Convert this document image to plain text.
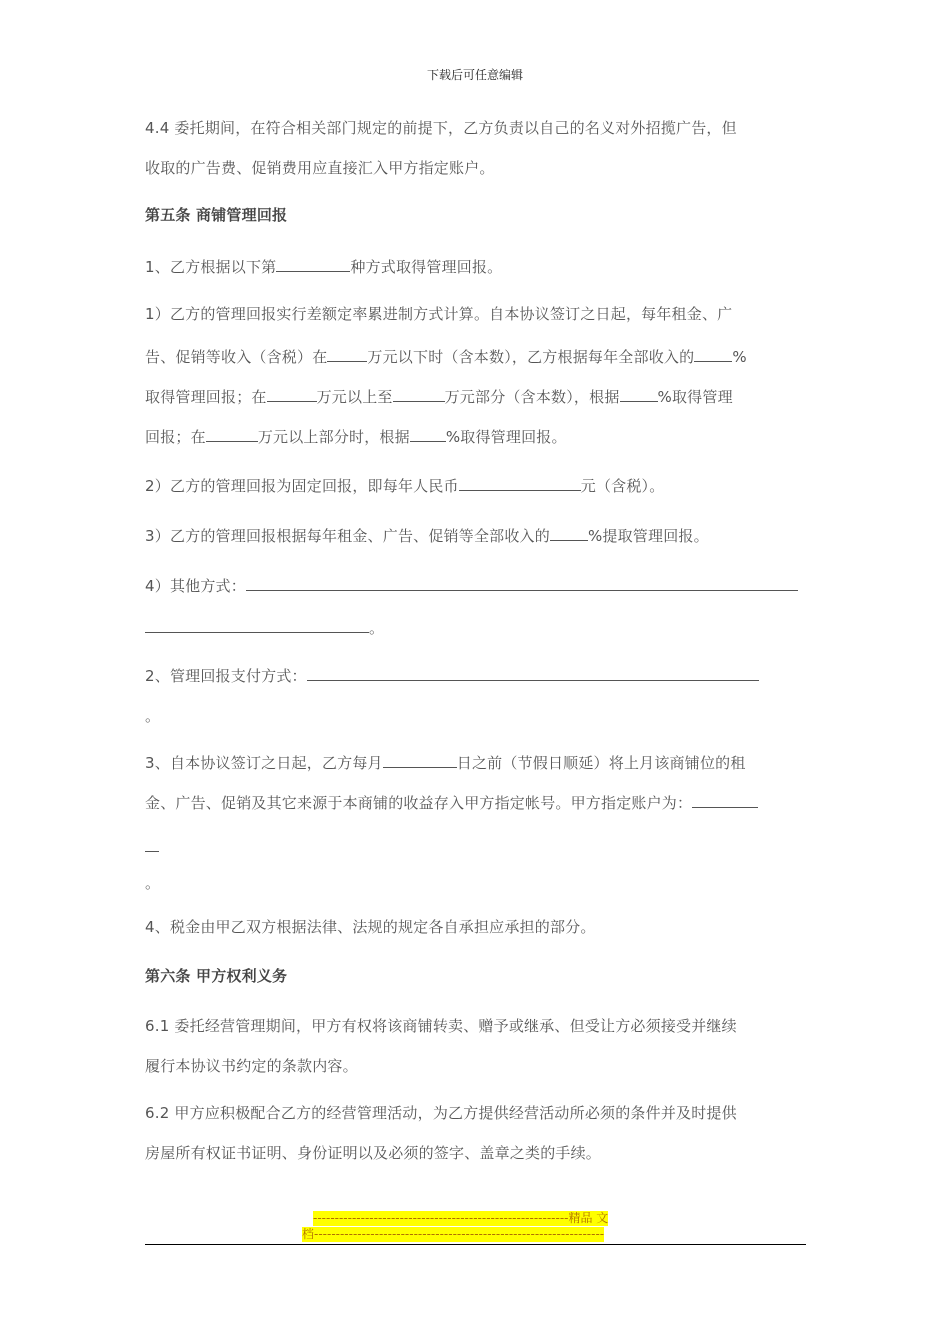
下载后可任意编辑
4.4 委托期间，在符合相关部门规定的前提下，乙方负责以自己的名义对外招揽广告，但
收取的广告费、促销费用应直接汇入甲方指定账户。
第五条 商铺管理回报
1、乙方根据以下第	种方式取得管理回报。
1）乙方的管理回报实行差额定率累进制方式计算。自本协议签订之日起，每年租金、广
告、促销等收入（含税）在	万元以下时（含本数），乙方根据每年全部收入的	%
取得管理回报；在	万元以上至	万元部分（含本数），根据	%取得管理
回报；在	万元以上部分时，根据 %取得管理回报。
2）乙方的管理回报为固定回报，即每年人民币	元（含税）。
3）乙方的管理回报根据每年租金、广告、促销等全部收入的	%提取管理回报。
4）其他方式：
。
2、管理回报支付方式：
。
3、自本协议签订之日起，乙方每月	日之前（节假日顺延）将上月该商铺位的租
金、广告、促销及其它来源于本商铺的收益存入甲方指定帐号。甲方指定账户为：
。
4、税金由甲乙双方根据法律、法规的规定各自承担应承担的部分。
第六条 甲方权利义务
6.1 委托经营管理期间，甲方有权将该商铺转卖、赠予或继承、但受让方必须接受并继续
履行本协议书约定的条款内容。
6.2 甲方应积极配合乙方的经营管理活动，为乙方提供经营活动所必须的条件并及时提供
房屋所有权证书证明、身份证明以及必须的签字、盖章之类的手续。
-----------------------------------------------------------精品 文
档-------------------------------------------------------------------
